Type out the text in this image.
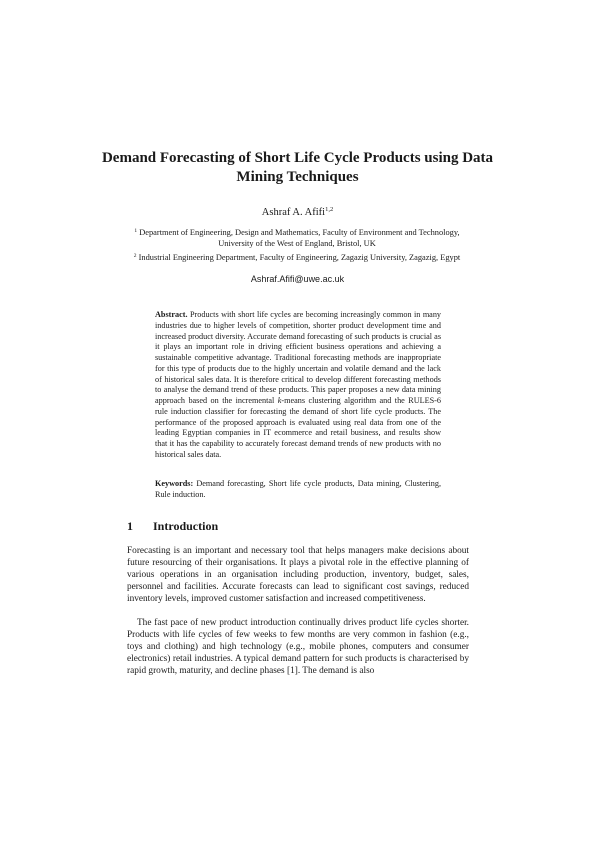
Demand Forecasting of Short Life Cycle Products using Data Mining Techniques
Ashraf A. Afifi$^{1,2}$
$^1$ Department of Engineering, Design and Mathematics, Faculty of Environment and Technology, University of the West of England, Bristol, UK
$^2$ Industrial Engineering Department, Faculty of Engineering, Zagazig University, Zagazig, Egypt
Ashraf.Afifi@uwe.ac.uk
Abstract. Products with short life cycles are becoming increasingly common in many industries due to higher levels of competition, shorter product development time and increased product diversity. Accurate demand forecasting of such products is crucial as it plays an important role in driving efficient business operations and achieving a sustainable competitive advantage. Traditional forecasting methods are inappropriate for this type of products due to the highly uncertain and volatile demand and the lack of historical sales data. It is therefore critical to develop different forecasting methods to analyse the demand trend of these products. This paper proposes a new data mining approach based on the incremental k-means clustering algorithm and the RULES-6 rule induction classifier for forecasting the demand of short life cycle products. The performance of the proposed approach is evaluated using real data from one of the leading Egyptian companies in IT ecommerce and retail business, and results show that it has the capability to accurately forecast demand trends of new products with no historical sales data.
Keywords: Demand forecasting, Short life cycle products, Data mining, Clustering, Rule induction.
1 Introduction

Forecasting is an important and necessary tool that helps managers make decisions about future resourcing of their organisations. It plays a pivotal role in the effective planning of various operations in an organisation including production, inventory, budget, sales, personnel and facilities. Accurate forecasts can lead to significant cost savings, reduced inventory levels, improved customer satisfaction and increased competitiveness.

The fast pace of new product introduction continually drives product life cycles shorter. Products with life cycles of few weeks to few months are very common in fashion (e.g., toys and clothing) and high technology (e.g., mobile phones, computers and consumer electronics) retail industries. A typical demand pattern for such products is characterised by rapid growth, maturity, and decline phases [1]. The demand is also
